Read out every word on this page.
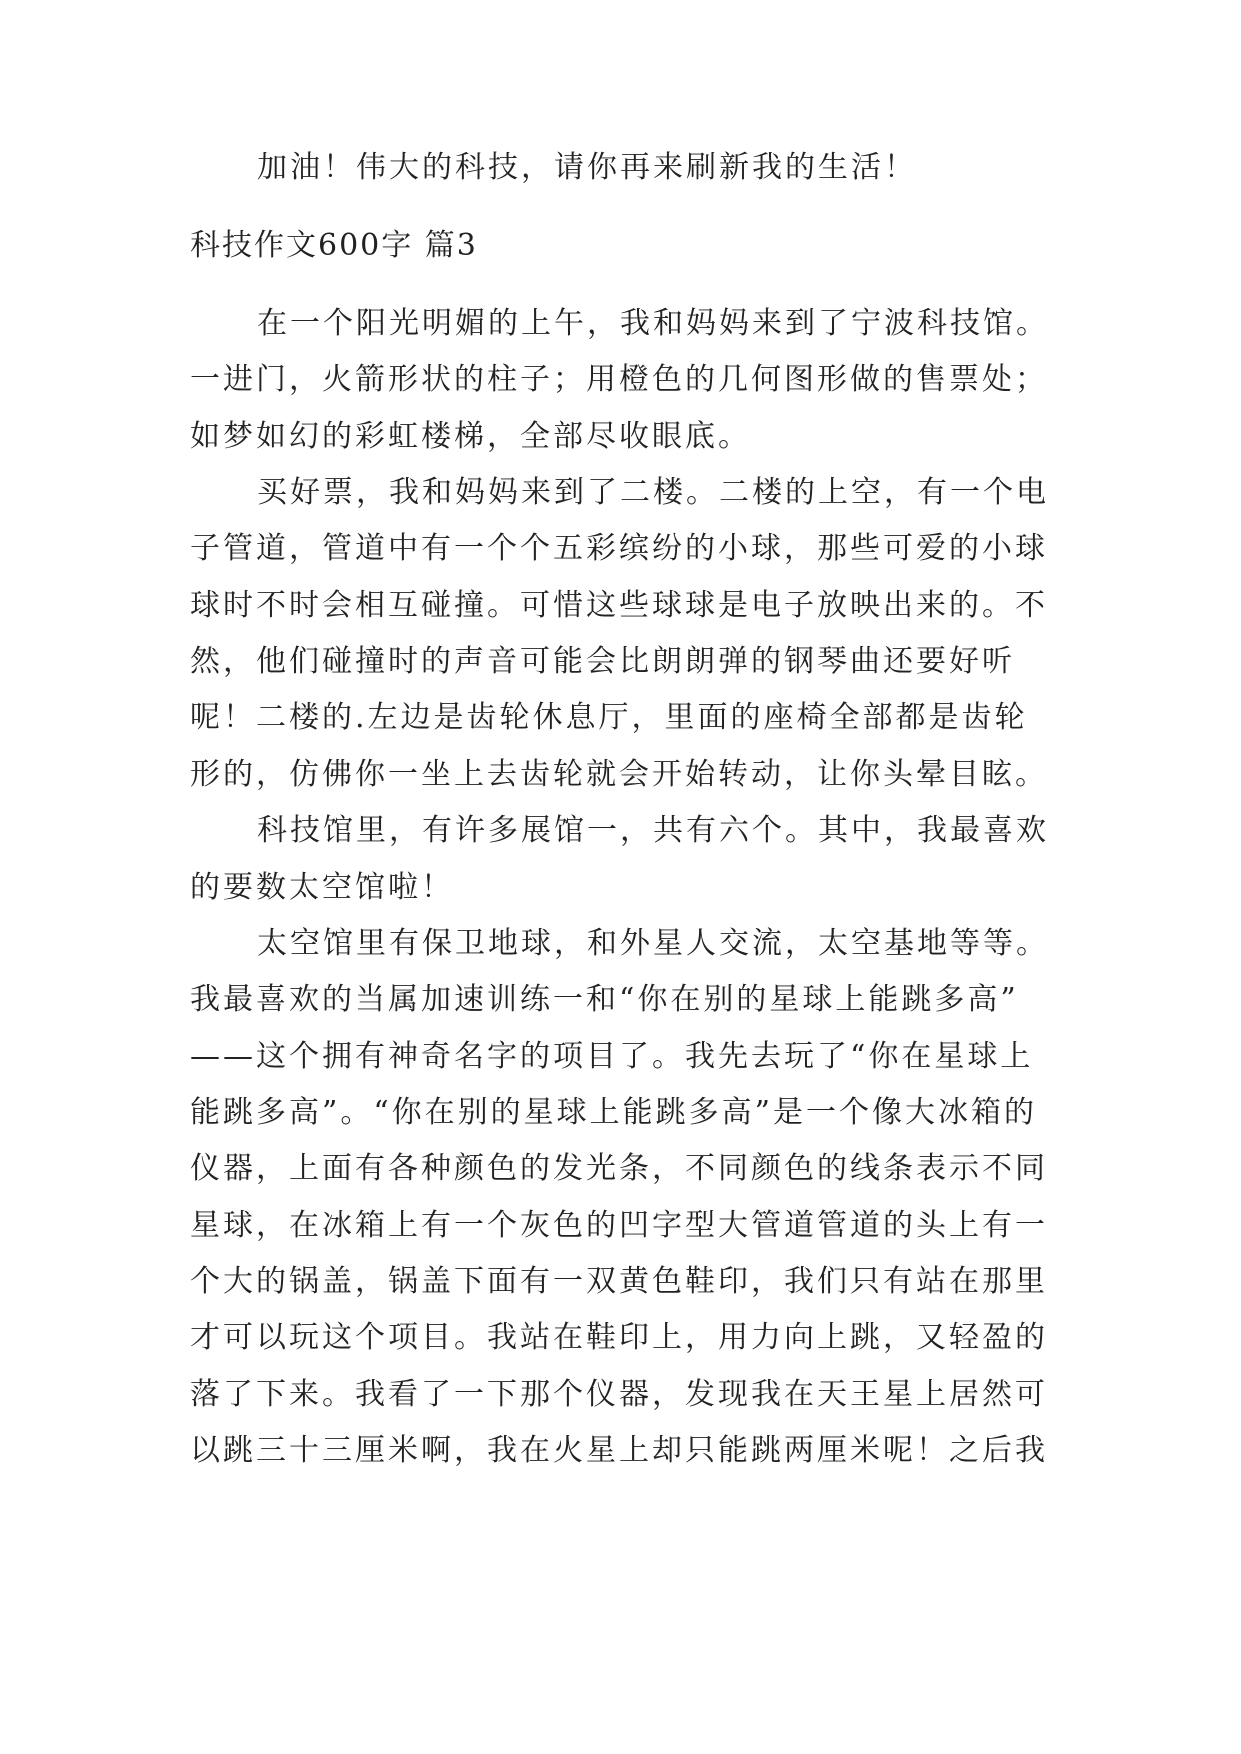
加油！伟大的科技，请你再来刷新我的生活！
科技作文600字 篇3
在一个阳光明媚的上午，我和妈妈来到了宁波科技馆。
一进门，火箭形状的柱子；用橙色的几何图形做的售票处；
如梦如幻的彩虹楼梯，全部尽收眼底。
买好票，我和妈妈来到了二楼。二楼的上空，有一个电
子管道，管道中有一个个五彩缤纷的小球，那些可爱的小球
球时不时会相互碰撞。可惜这些球球是电子放映出来的。不
然，他们碰撞时的声音可能会比朗朗弹的钢琴曲还要好听
呢！二楼的.左边是齿轮休息厅，里面的座椅全部都是齿轮
形的，仿佛你一坐上去齿轮就会开始转动，让你头晕目眩。
科技馆里，有许多展馆一，共有六个。其中，我最喜欢
的要数太空馆啦！
太空馆里有保卫地球，和外星人交流，太空基地等等。
我最喜欢的当属加速训练一和“你在别的星球上能跳多高”
——这个拥有神奇名字的项目了。我先去玩了“你在星球上
能跳多高”。“你在别的星球上能跳多高”是一个像大冰箱的
仪器，上面有各种颜色的发光条，不同颜色的线条表示不同
星球，在冰箱上有一个灰色的凹字型大管道管道的头上有一
个大的锅盖，锅盖下面有一双黄色鞋印，我们只有站在那里
才可以玩这个项目。我站在鞋印上，用力向上跳，又轻盈的
落了下来。我看了一下那个仪器，发现我在天王星上居然可
以跳三十三厘米啊，我在火星上却只能跳两厘米呢！之后我
